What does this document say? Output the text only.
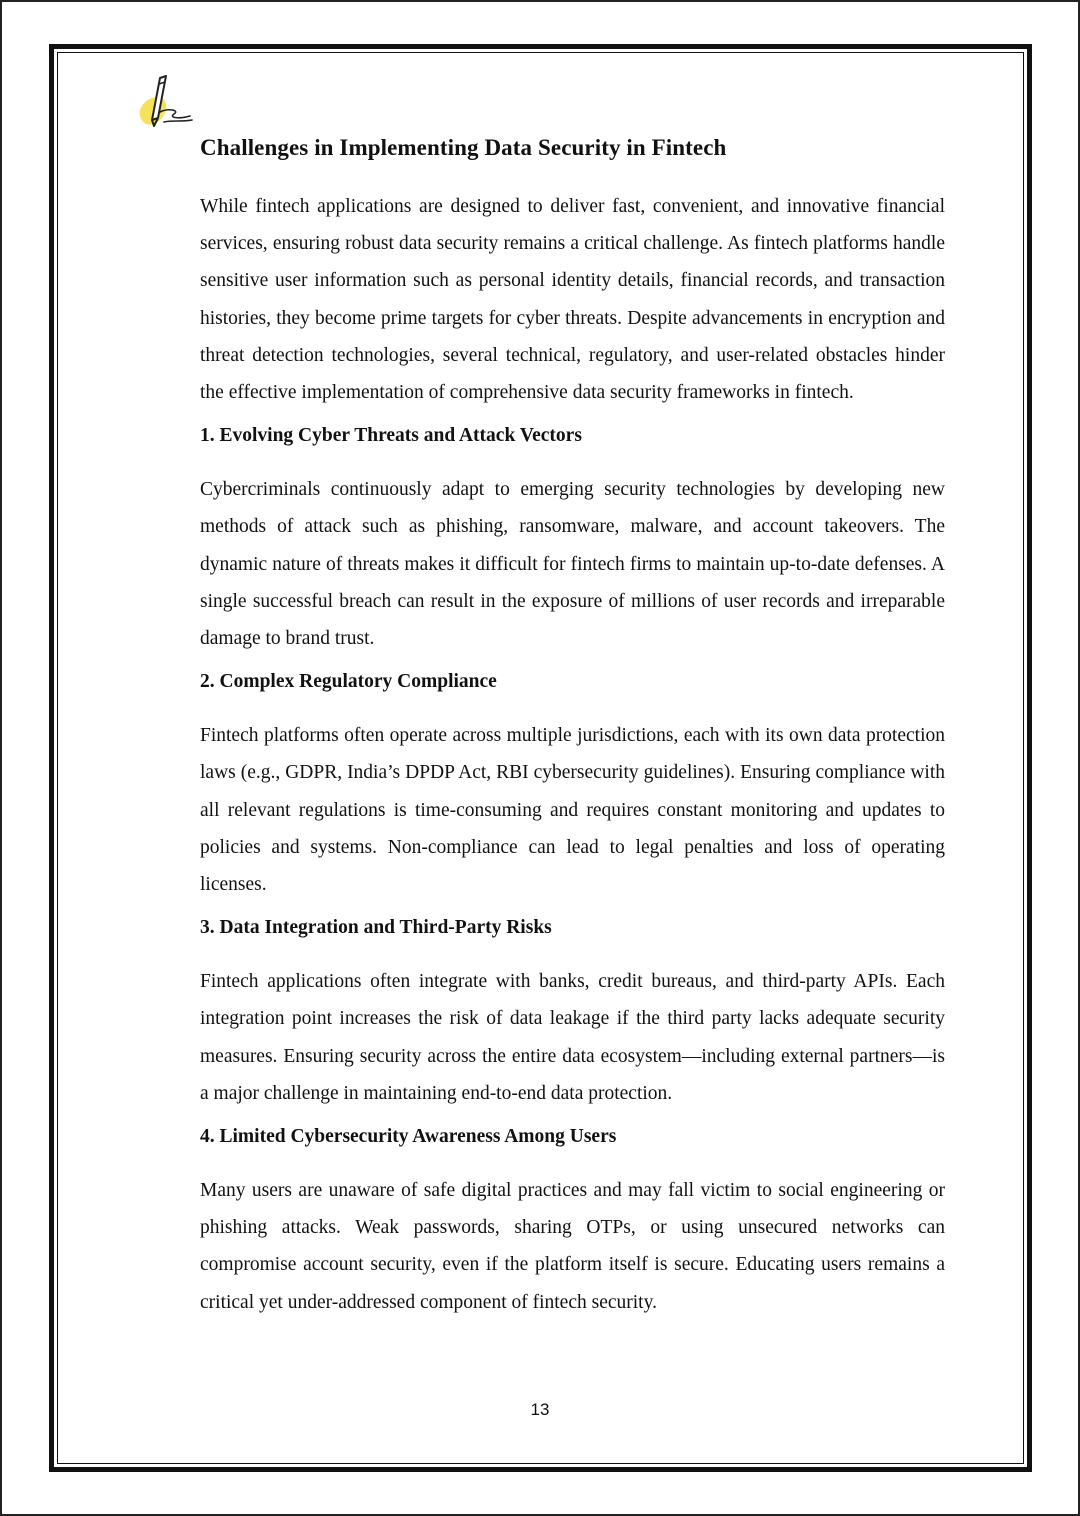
Challenges in Implementing Data Security in Fintech

While fintech applications are designed to deliver fast, convenient, and innovative financial services, ensuring robust data security remains a critical challenge. As fintech platforms handle sensitive user information such as personal identity details, financial records, and transaction histories, they become prime targets for cyber threats. Despite advancements in encryption and threat detection technologies, several technical, regulatory, and user-related obstacles hinder the effective implementation of comprehensive data security frameworks in fintech.

1. Evolving Cyber Threats and Attack Vectors

Cybercriminals continuously adapt to emerging security technologies by developing new methods of attack such as phishing, ransomware, malware, and account takeovers. The dynamic nature of threats makes it difficult for fintech firms to maintain up-to-date defenses. A single successful breach can result in the exposure of millions of user records and irreparable damage to brand trust.

2. Complex Regulatory Compliance

Fintech platforms often operate across multiple jurisdictions, each with its own data protection laws (e.g., GDPR, India’s DPDP Act, RBI cybersecurity guidelines). Ensuring compliance with all relevant regulations is time-consuming and requires constant monitoring and updates to policies and systems. Non-compliance can lead to legal penalties and loss of operating licenses.

3. Data Integration and Third-Party Risks

Fintech applications often integrate with banks, credit bureaus, and third-party APIs. Each integration point increases the risk of data leakage if the third party lacks adequate security measures. Ensuring security across the entire data ecosystem—including external partners—is a major challenge in maintaining end-to-end data protection.

4. Limited Cybersecurity Awareness Among Users

Many users are unaware of safe digital practices and may fall victim to social engineering or phishing attacks. Weak passwords, sharing OTPs, or using unsecured networks can compromise account security, even if the platform itself is secure. Educating users remains a critical yet under-addressed component of fintech security.

13
